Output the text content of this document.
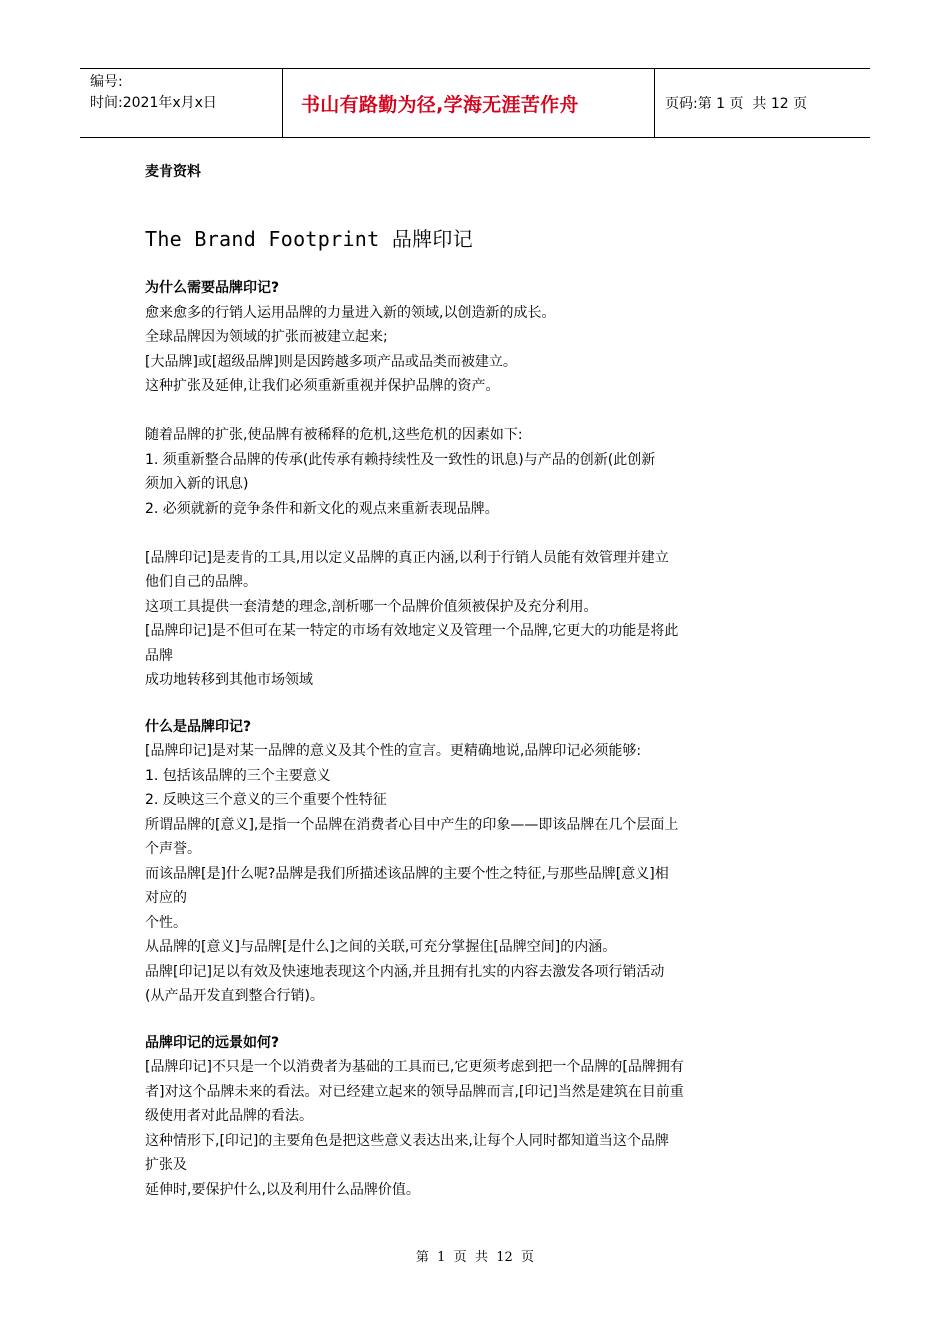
编号:
时间:2021年x月x日	书山有路勤为径,学海无涯苦作舟	页码: 第 1 页  共 12 页
麦肯资料
The Brand Footprint 品牌印记
为什么需要品牌印记?
愈来愈多的行销人运用品牌的力量进入新的领域,以创造新的成长。
全球品牌因为领域的扩张而被建立起来;
[大品牌]或[超级品牌]则是因跨越多项产品或品类而被建立。
这种扩张及延伸,让我们必须重新重视并保护品牌的资产。
随着品牌的扩张,使品牌有被稀释的危机,这些危机的因素如下:
1. 须重新整合品牌的传承(此传承有赖持续性及一致性的讯息)与产品的创新(此创新
须加入新的讯息)
2. 必须就新的竞争条件和新文化的观点来重新表现品牌。
[品牌印记]是麦肯的工具,用以定义品牌的真正内涵,以利于行销人员能有效管理并建立
他们自己的品牌。
这项工具提供一套清楚的理念,剖析哪一个品牌价值须被保护及充分利用。
[品牌印记]是不但可在某一特定的市场有效地定义及管理一个品牌,它更大的功能是将此
品牌
成功地转移到其他市场领域
什么是品牌印记?
[品牌印记]是对某一品牌的意义及其个性的宣言。更精确地说,品牌印记必须能够:
1. 包括该品牌的三个主要意义
2. 反映这三个意义的三个重要个性特征
所谓品牌的[意义],是指一个品牌在消费者心目中产生的印象——即该品牌在几个层面上
个声誉。
而该品牌[是]什么呢?品牌是我们所描述该品牌的主要个性之特征,与那些品牌[意义]相
对应的
个性。
从品牌的[意义]与品牌[是什么]之间的关联,可充分掌握住[品牌空间]的内涵。
品牌[印记]足以有效及快速地表现这个内涵,并且拥有扎实的内容去激发各项行销活动
(从产品开发直到整合行销)。
品牌印记的远景如何?
[品牌印记]不只是一个以消费者为基础的工具而已,它更须考虑到把一个品牌的[品牌拥有
者]对这个品牌未来的看法。对已经建立起来的领导品牌而言,[印记]当然是建筑在目前重
级使用者对此品牌的看法。
这种情形下,[印记]的主要角色是把这些意义表达出来,让每个人同时都知道当这个品牌
扩张及
延伸时,要保护什么,以及利用什么品牌价值。
第  1  页  共  12  页
